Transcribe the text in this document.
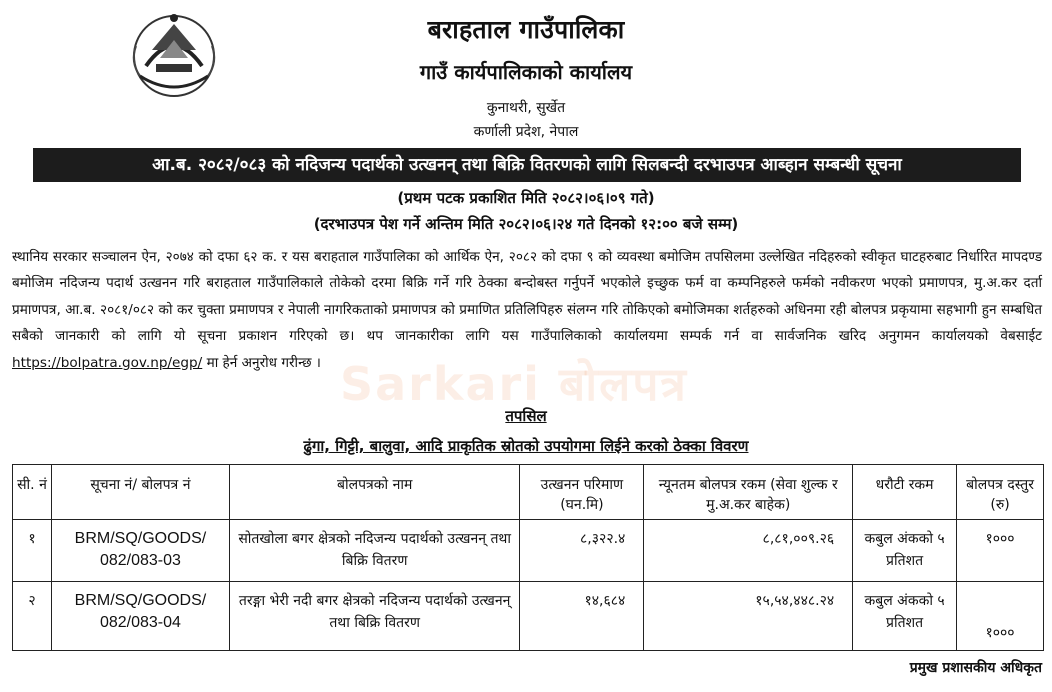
बराहताल गाउँपालिका
गाउँ कार्यपालिकाको कार्यालय
कुनाथरी, सुर्खेत
कर्णाली प्रदेश, नेपाल
आ.ब. २०८२/०८३ को नदिजन्य पदार्थको उत्खनन् तथा बिक्रि वितरणको लागि सिलबन्दी दरभाउपत्र आब्हान सम्बन्धी सूचना
(प्रथम पटक प्रकाशित मिति २०८२।०६।०९ गते)
(दरभाउपत्र पेश गर्ने अन्तिम मिति २०८२।०६।२४ गते दिनको १२:०० बजे सम्म)
Sarkari बोलपत्र
स्थानिय सरकार सञ्चालन ऐन, २०७४ को दफा ६२ क. र यस बराहताल गाउँपालिका को आर्थिक ऐन, २०८२ को दफा ९ को व्यवस्था बमोजिम तपसिलमा उल्लेखित नदिहरुको स्वीकृत घाटहरुबाट निर्धारित मापदण्ड बमोजिम नदिजन्य पदार्थ उत्खनन गरि बराहताल गाउँपालिकाले तोकेको दरमा बिक्रि गर्ने गरि ठेक्का बन्दोबस्त गर्नुपर्ने भएकोले इच्छुक फर्म वा कम्पनिहरुले फर्मको नवीकरण भएको प्रमाणपत्र, मु.अ.कर दर्ता प्रमाणपत्र, आ.ब. २०८१/०८२ को कर चुक्ता प्रमाणपत्र र नेपाली नागरिकताको प्रमाणपत्र को प्रमाणित प्रतिलिपिहरु संलग्न गरि तोकिएको बमोजिमका शर्तहरुको अधिनमा रही बोलपत्र प्रकृयामा सहभागी हुन सम्बधित सबैको जानकारी को लागि यो सूचना प्रकाशन गरिएको छ। थप जानकारीका लागि यस गाउँपालिकाको कार्यालयमा सम्पर्क गर्न वा सार्वजनिक खरिद अनुगमन कार्यालयको वेबसाईट https://bolpatra.gov.np/egp/ मा हेर्न अनुरोध गरीन्छ ।
तपसिल
ढुंगा, गिट्टी, बालुवा, आदि प्राकृतिक स्रोतको उपयोगमा लिईने करको ठेक्का विवरण
सी. नं	सूचना नं/ बोलपत्र नं	बोलपत्रको नाम	उत्खनन परिमाण (घन.मि)	न्यूनतम बोलपत्र रकम (सेवा शुल्क र मु.अ.कर बाहेक)	धरौटी रकम	बोलपत्र दस्तुर (रु)
१	BRM/SQ/GOODS/ 082/083-03	सोतखोला बगर क्षेत्रको नदिजन्य पदार्थको उत्खनन् तथा बिक्रि वितरण	८,३२२.४	८,८१,००९.२६	कबुल अंकको ५ प्रतिशत	१०००
२	BRM/SQ/GOODS/ 082/083-04	तरङ्गा भेरी नदी बगर क्षेत्रको नदिजन्य पदार्थको उत्खनन् तथा बिक्रि वितरण	१४,६८४	१५,५४,४४८.२४	कबुल अंकको ५ प्रतिशत	१०००
प्रमुख प्रशासकीय अधिकृत
